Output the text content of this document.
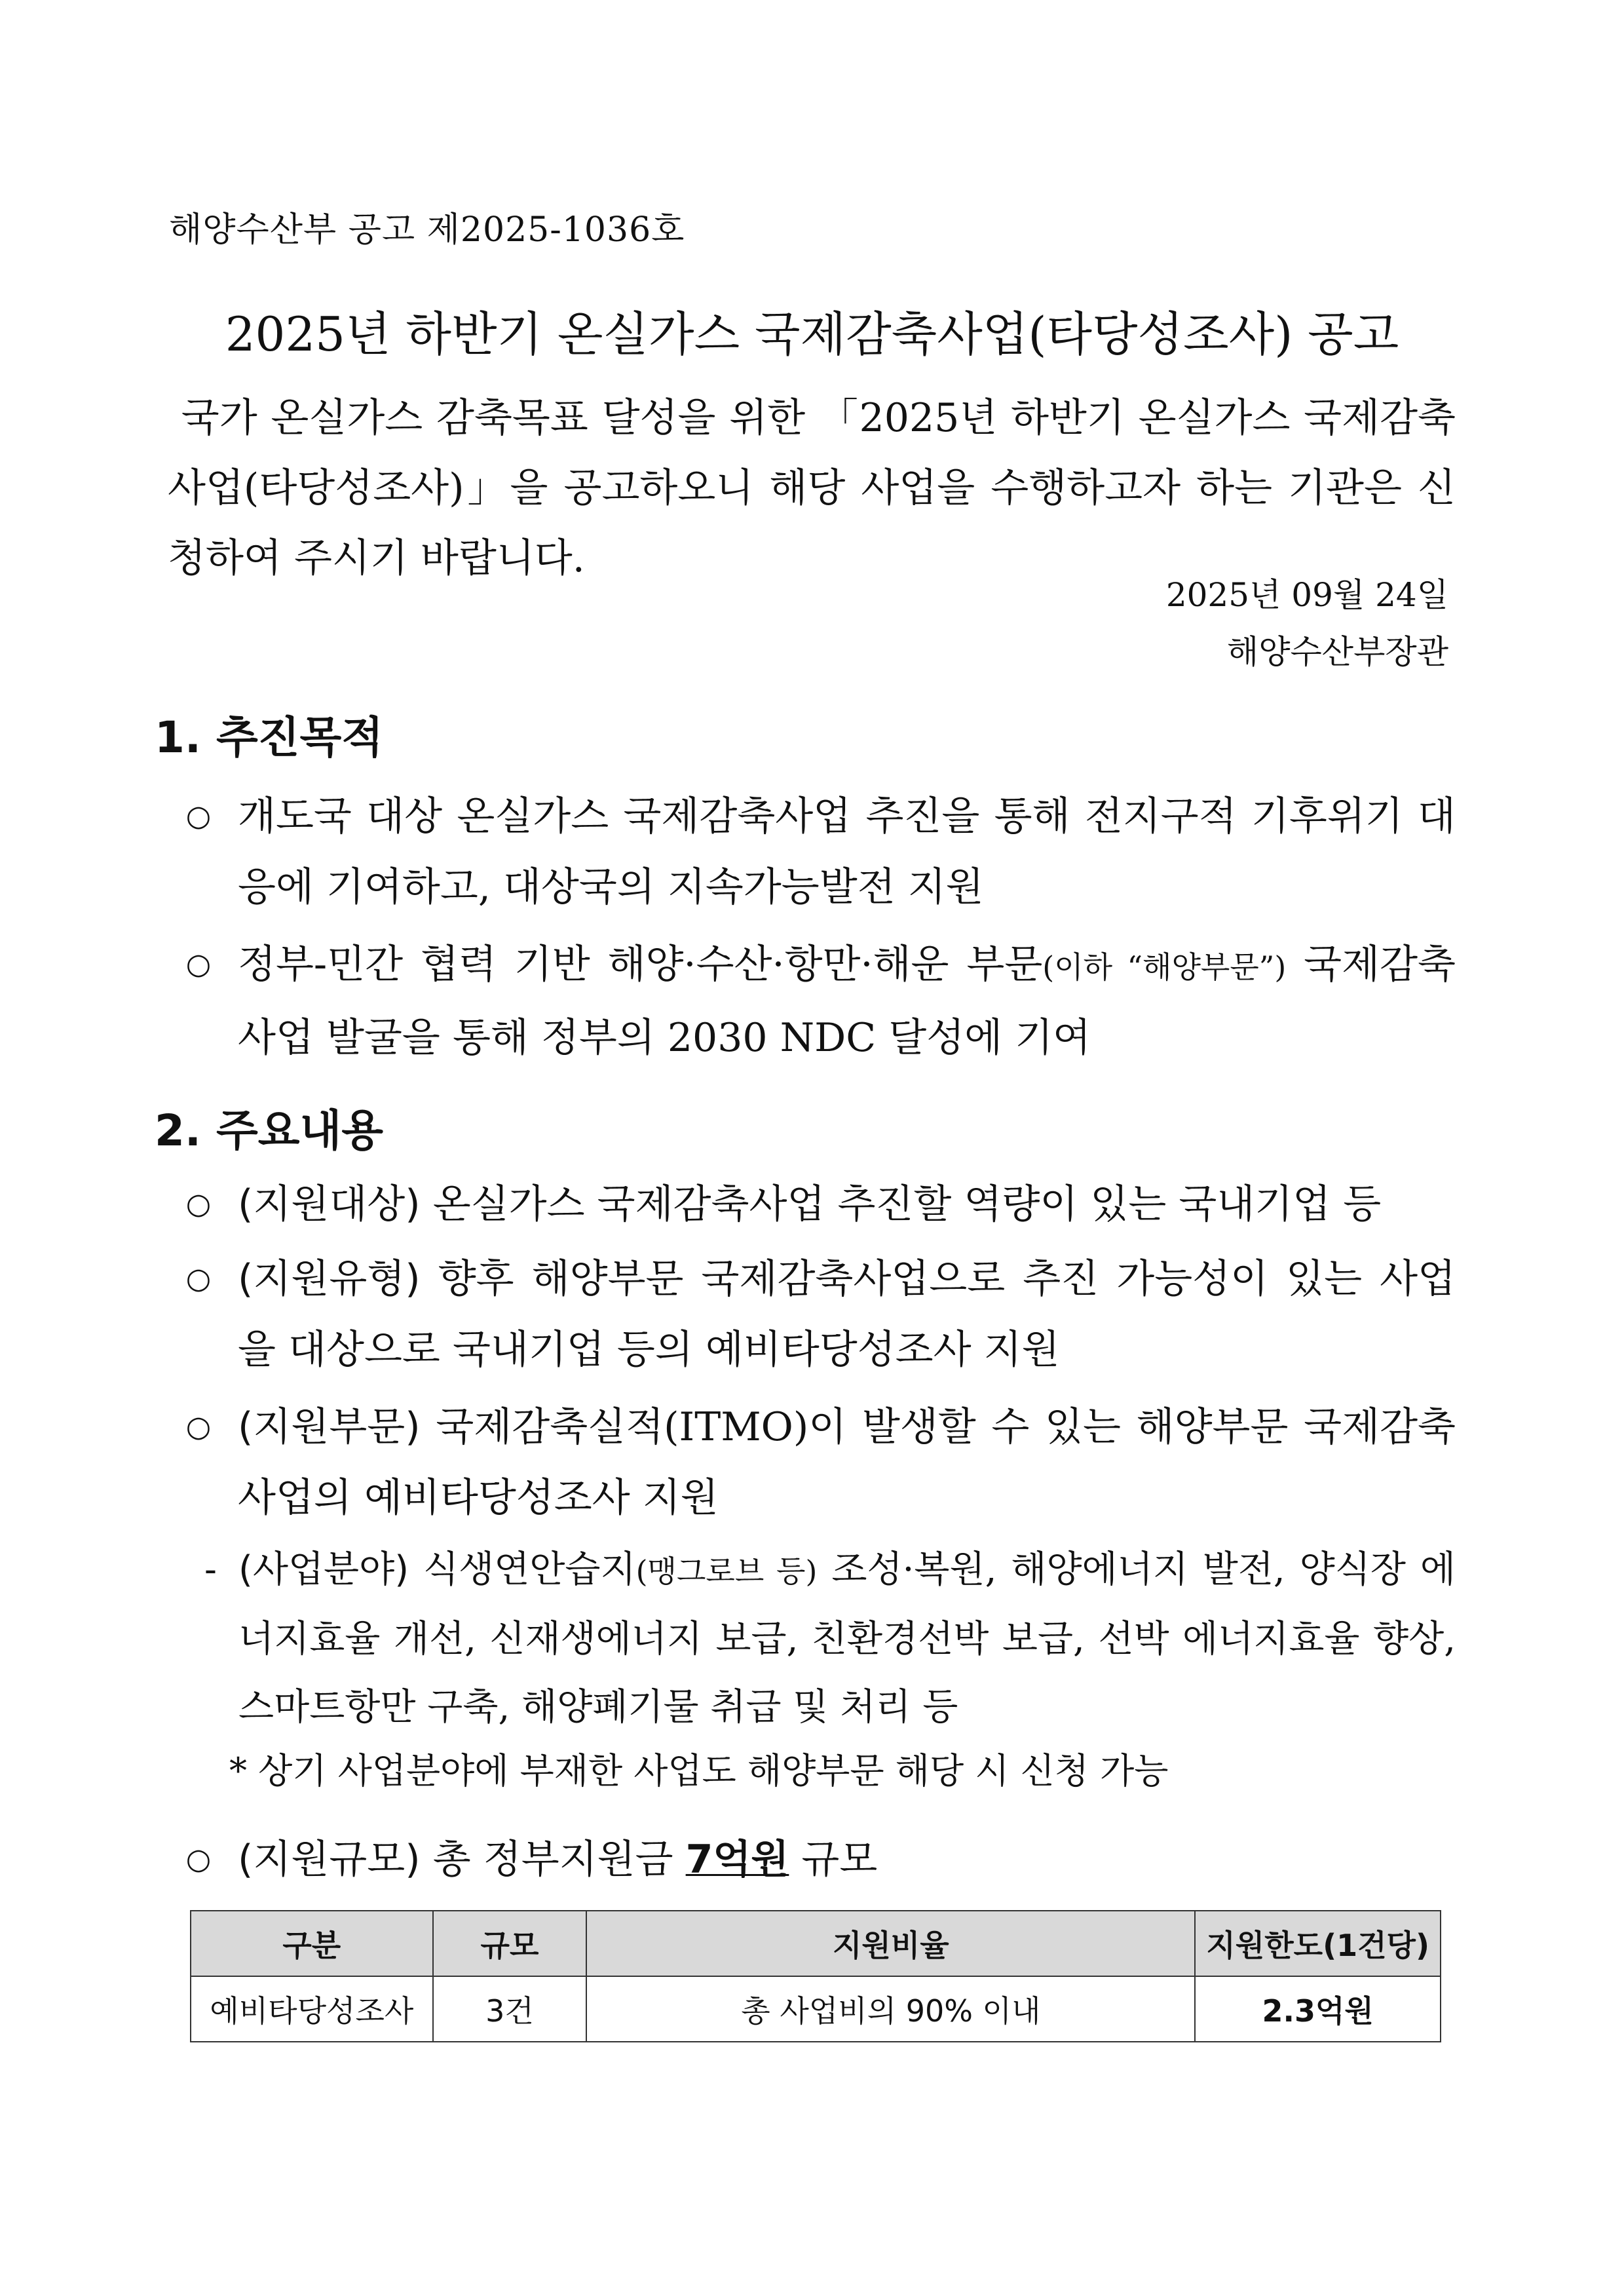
해양수산부 공고 제2025-1036호
2025년 하반기 온실가스 국제감축사업(타당성조사) 공고
국가 온실가스 감축목표 달성을 위한 「2025년 하반기 온실가스 국제감축사업(타당성조사)」을 공고하오니 해당 사업을 수행하고자 하는 기관은 신청하여 주시기 바랍니다.
2025년 09월 24일
해양수산부장관
1. 추진목적
○ 개도국 대상 온실가스 국제감축사업 추진을 통해 전지구적 기후위기 대응에 기여하고, 대상국의 지속가능발전 지원
○ 정부-민간 협력 기반 해양·수산·항만·해운 부문(이하 “해양부문”) 국제감축사업 발굴을 통해 정부의 2030 NDC 달성에 기여
2. 주요내용
○ (지원대상) 온실가스 국제감축사업 추진할 역량이 있는 국내기업 등
○ (지원유형) 향후 해양부문 국제감축사업으로 추진 가능성이 있는 사업을 대상으로 국내기업 등의 예비타당성조사 지원
○ (지원부문) 국제감축실적(ITMO)이 발생할 수 있는 해양부문 국제감축사업의 예비타당성조사 지원
- (사업분야) 식생연안습지(맹그로브 등) 조성·복원, 해양에너지 발전, 양식장 에너지효율 개선, 신재생에너지 보급, 친환경선박 보급, 선박 에너지효율 향상, 스마트항만 구축, 해양폐기물 취급 및 처리 등
* 상기 사업분야에 부재한 사업도 해양부문 해당 시 신청 가능
○ (지원규모) 총 정부지원금 7억원 규모
구분	규모	지원비율	지원한도(1건당)
예비타당성조사	3건	총 사업비의 90% 이내	2.3억원
